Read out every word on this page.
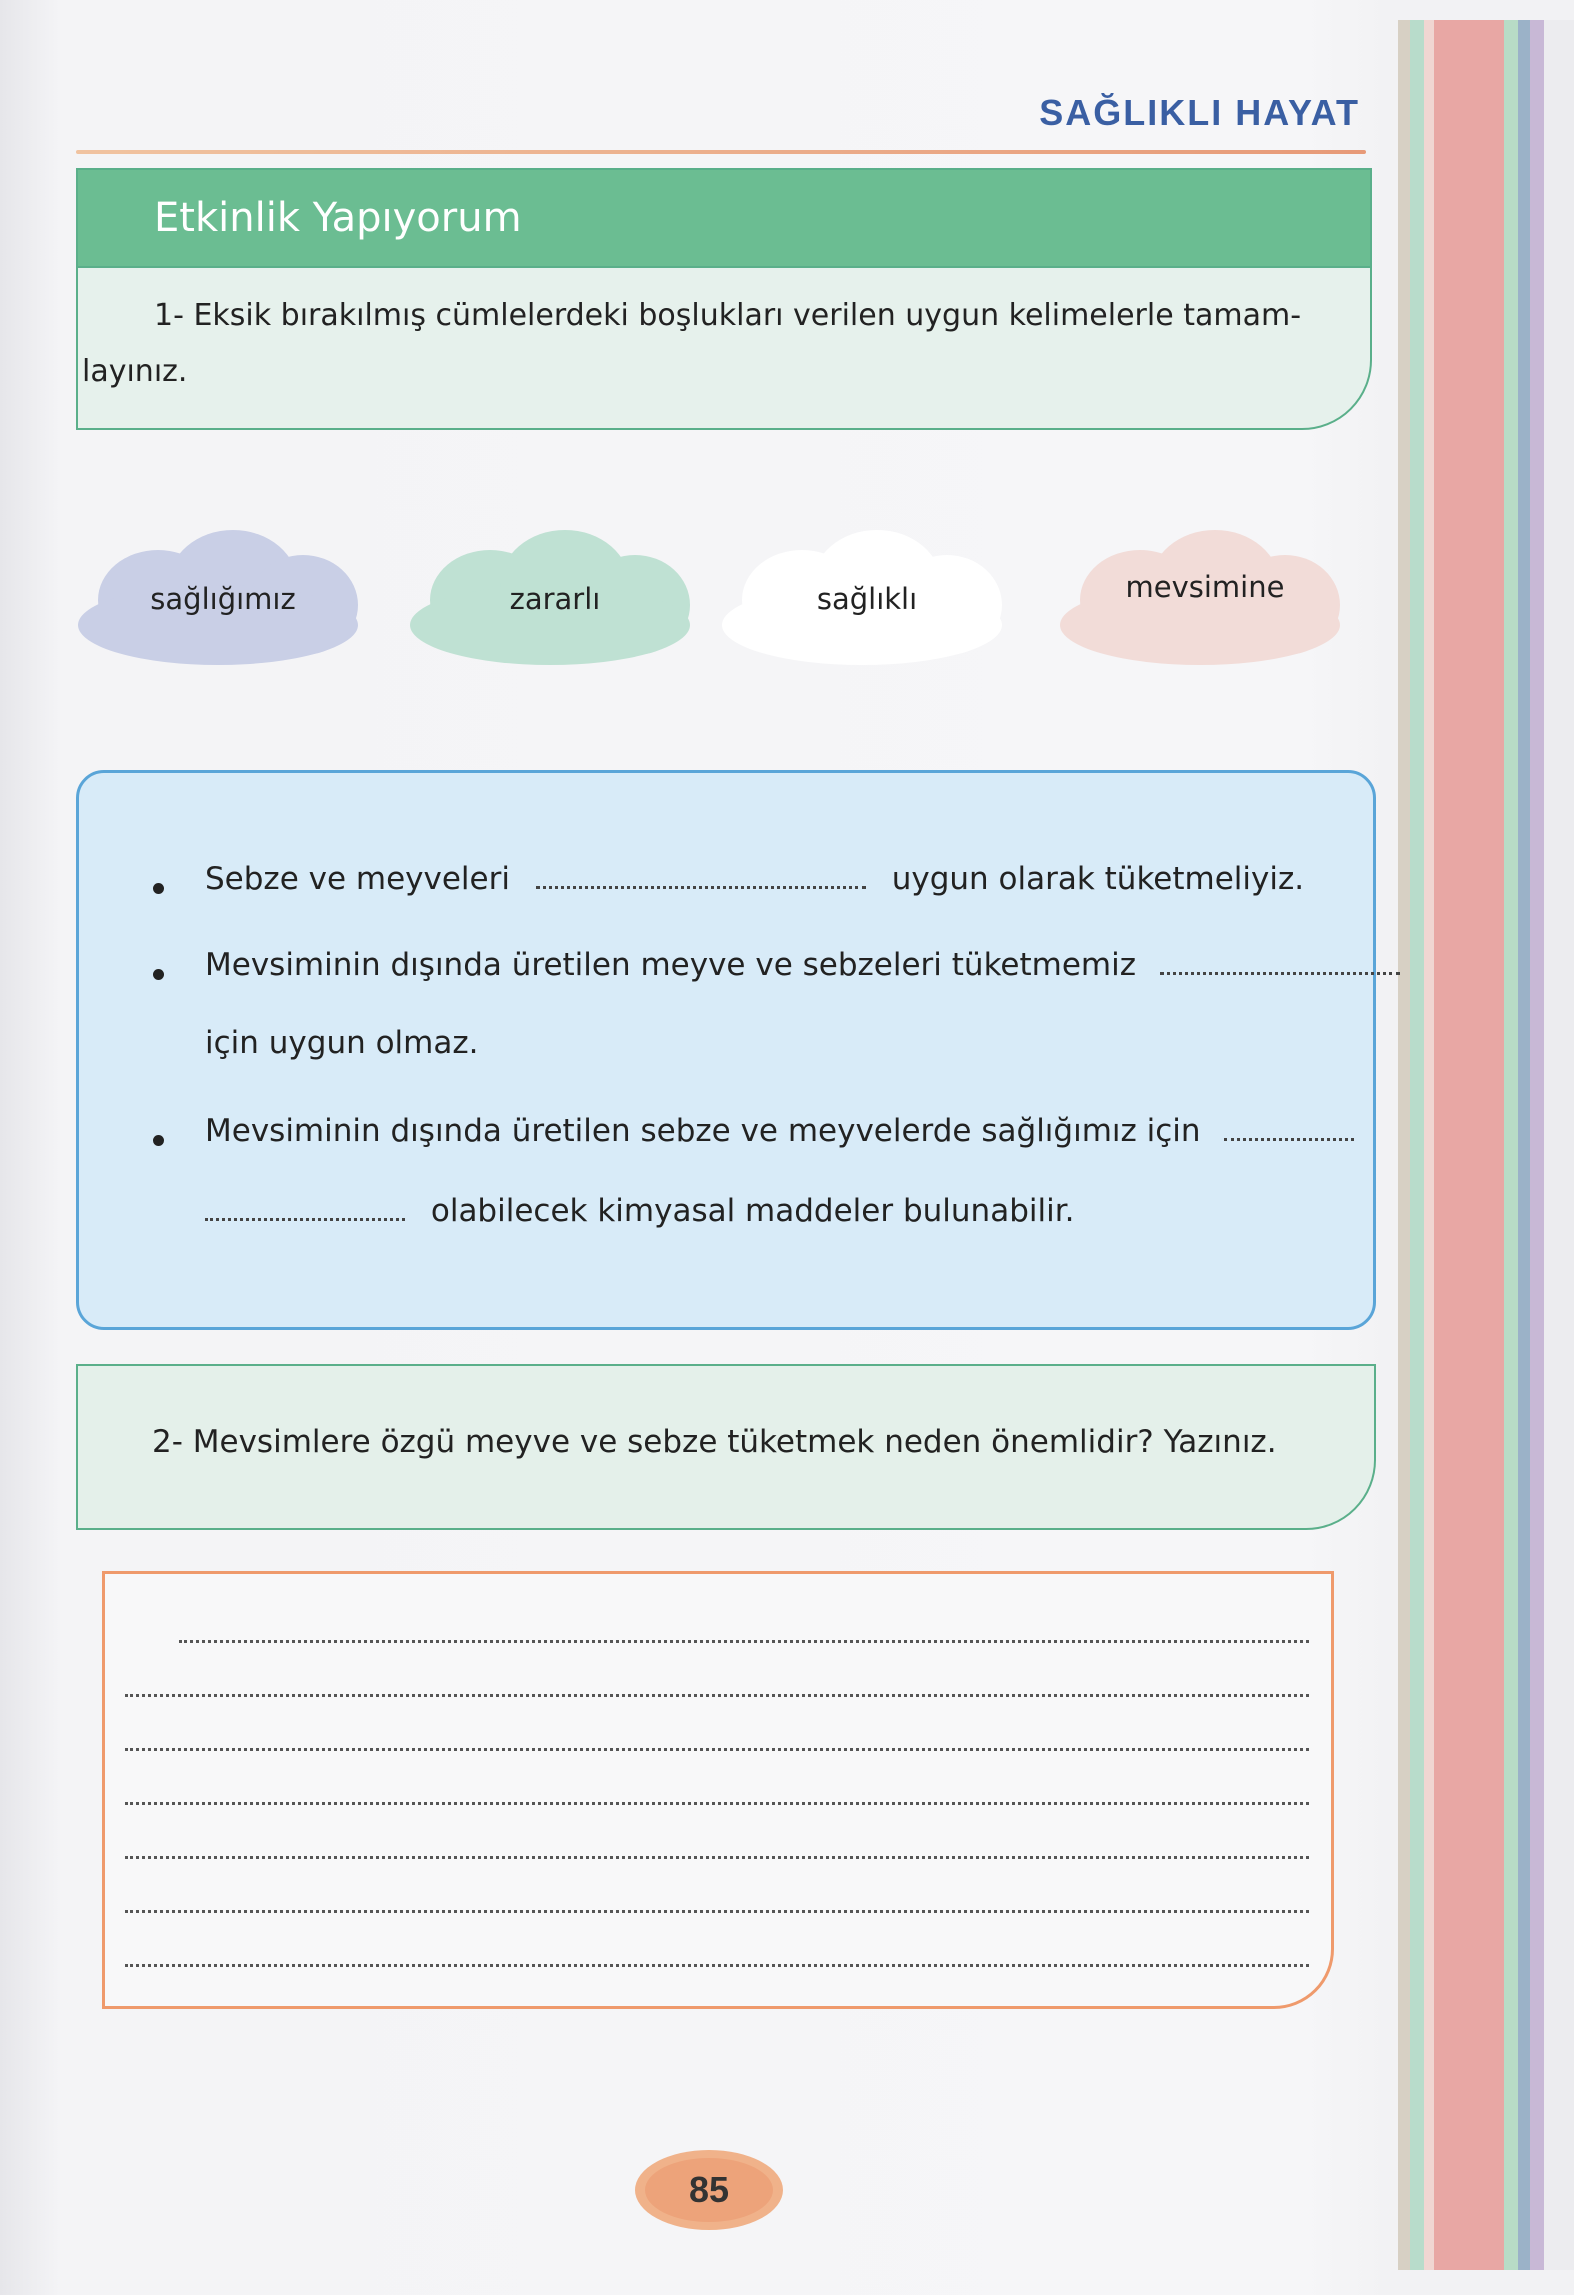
SAĞLIKLI HAYAT
Etkinlik Yapıyorum
1- Eksik bırakılmış cümlelerdeki boşlukları verilen uygun kelimelerle tamam-
layınız.
sağlığımız	zararlı	sağlıklı	mevsimine
Sebze ve meyveleri	uygun olarak tüketmeliyiz.
Mevsiminin dışında üretilen meyve ve sebzeleri tüketmemiz
için uygun olmaz.
Mevsiminin dışında üretilen sebze ve meyvelerde sağlığımız için
olabilecek kimyasal maddeler bulunabilir.
2- Mevsimlere özgü meyve ve sebze tüketmek neden önemlidir? Yazınız.
85
